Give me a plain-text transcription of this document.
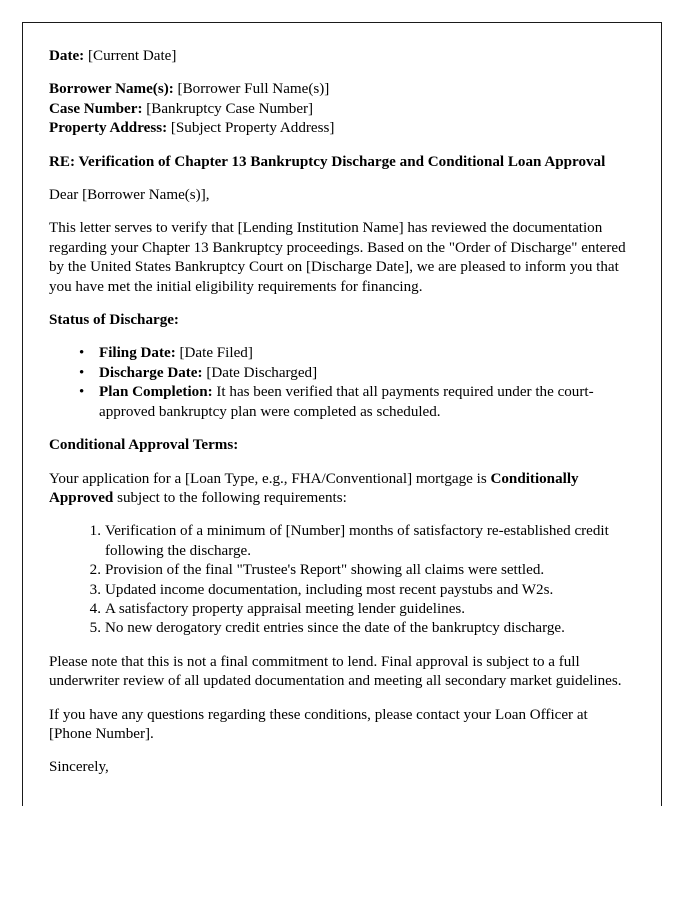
Date: [Current Date]

Borrower Name(s): [Borrower Full Name(s)]

Case Number: [Bankruptcy Case Number]

Property Address: [Subject Property Address]

RE: Verification of Chapter 13 Bankruptcy Discharge and Conditional Loan Approval

Dear [Borrower Name(s)],

This letter serves to verify that [Lending Institution Name] has reviewed the documentation regarding your Chapter 13 Bankruptcy proceedings. Based on the "Order of Discharge" entered by the United States Bankruptcy Court on [Discharge Date], we are pleased to inform you that you have met the initial eligibility requirements for financing.

Status of Discharge:

• Filing Date: [Date Filed]
• Discharge Date: [Date Discharged]
• Plan Completion: It has been verified that all payments required under the court-approved bankruptcy plan were completed as scheduled.

Conditional Approval Terms:

Your application for a [Loan Type, e.g., FHA/Conventional] mortgage is Conditionally Approved subject to the following requirements:

Verification of a minimum of [Number] months of satisfactory re-established credit following the discharge.
Provision of the final "Trustee's Report" showing all claims were settled.
Updated income documentation, including most recent paystubs and W2s.
A satisfactory property appraisal meeting lender guidelines.
No new derogatory credit entries since the date of the bankruptcy discharge.

Please note that this is not a final commitment to lend. Final approval is subject to a full underwriter review of all updated documentation and meeting all secondary market guidelines.

If you have any questions regarding these conditions, please contact your Loan Officer at [Phone Number].

Sincerely,
